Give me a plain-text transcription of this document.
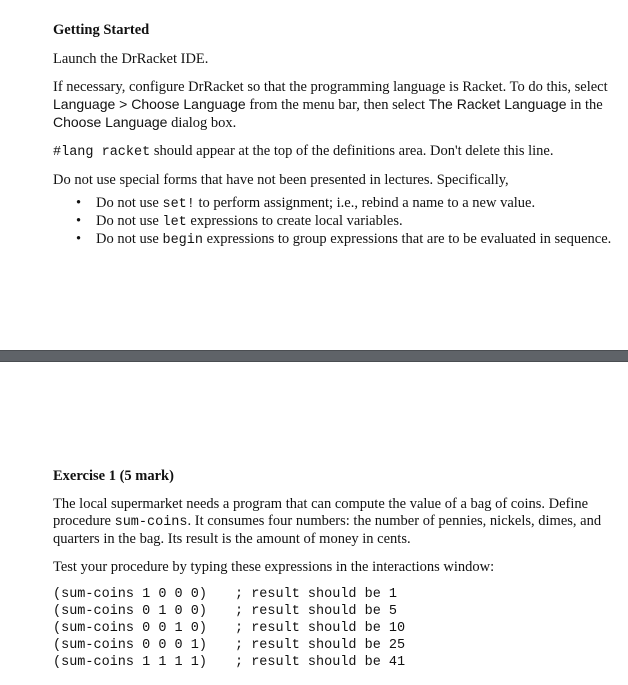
Getting Started

Launch the DrRacket IDE.

If necessary, configure DrRacket so that the programming language is Racket. To do this, select Language > Choose Language from the menu bar, then select The Racket Language in the Choose Language dialog box.

#lang racket should appear at the top of the definitions area. Don't delete this line.

Do not use special forms that have not been presented in lectures. Specifically,

• Do not use set! to perform assignment; i.e., rebind a name to a new value.
• Do not use let expressions to create local variables.
• Do not use begin expressions to group expressions that are to be evaluated in sequence.
Exercise 1 (5 mark)

The local supermarket needs a program that can compute the value of a bag of coins. Define procedure sum-coins. It consumes four numbers: the number of pennies, nickels, dimes, and quarters in the bag. Its result is the amount of money in cents.

Test your procedure by typing these expressions in the interactions window:

(sum-coins 1 0 0 0)	; result should be 1
(sum-coins 0 1 0 0)	; result should be 5
(sum-coins 0 0 1 0)	; result should be 10
(sum-coins 0 0 0 1)	; result should be 25
(sum-coins 1 1 1 1)	; result should be 41
